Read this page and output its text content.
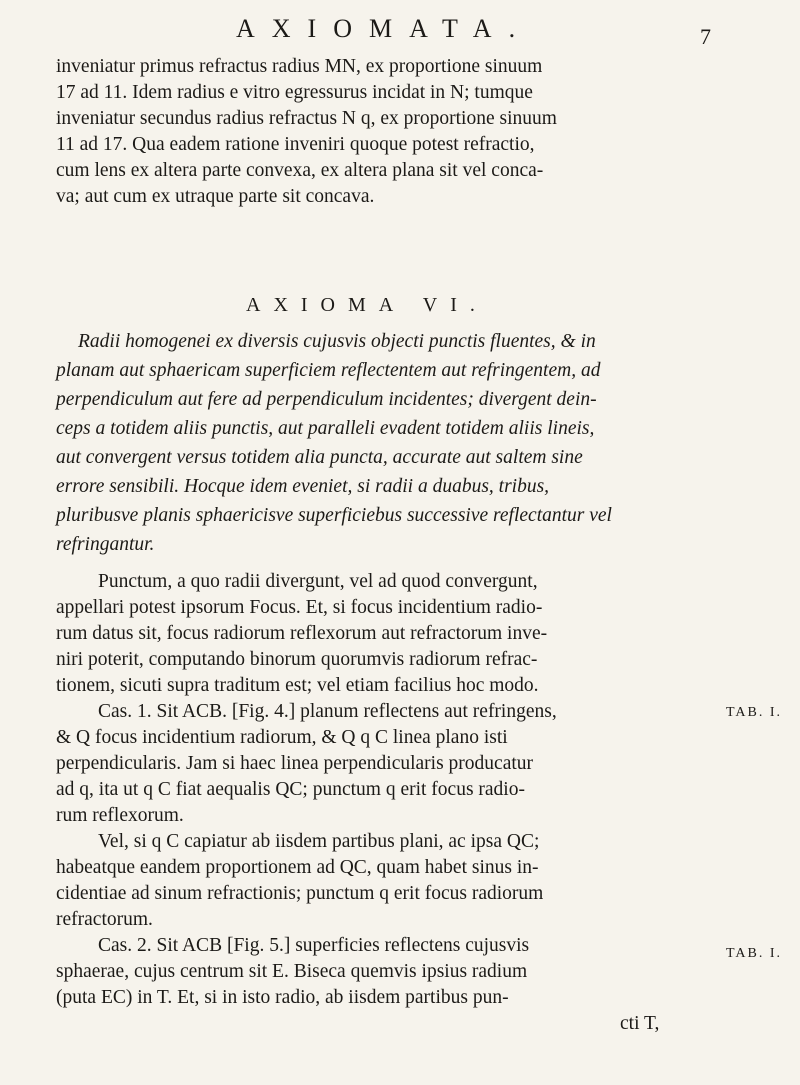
AXIOMATA.	7
inveniatur primus refractus radius MN, ex proportione sinuum
17 ad 11. Idem radius e vitro egressurus incidat in N; tumque
inveniatur secundus radius refractus N q, ex proportione sinuum
11 ad 17. Qua eadem ratione inveniri quoque potest refractio,
cum lens ex altera parte convexa, ex altera plana sit vel conca-
va; aut cum ex utraque parte sit concava.
AXIOMA VI.
Radii homogenei ex diversis cujusvis objecti punctis fluentes, & in
planam aut sphaericam superficiem reflectentem aut refringentem, ad
perpendiculum aut fere ad perpendiculum incidentes; divergent dein-
ceps a totidem aliis punctis, aut paralleli evadent totidem aliis lineis,
aut convergent versus totidem alia puncta, accurate aut saltem sine
errore sensibili. Hocque idem eveniet, si radii a duabus, tribus,
pluribusve planis sphaericisve superficiebus successive reflectantur vel
refringantur.
Punctum, a quo radii divergunt, vel ad quod convergunt,
appellari potest ipsorum Focus. Et, si focus incidentium radio-
rum datus sit, focus radiorum reflexorum aut refractorum inve-
niri poterit, computando binorum quorumvis radiorum refrac-
tionem, sicuti supra traditum est; vel etiam facilius hoc modo.
Cas. 1. Sit ACB. [Fig. 4.] planum reflectens aut refringens,
& Q focus incidentium radiorum, & Q q C linea plano isti
perpendicularis. Jam si haec linea perpendicularis producatur
ad q, ita ut q C fiat aequalis QC; punctum q erit focus radio-
rum reflexorum.
Vel, si q C capiatur ab iisdem partibus plani, ac ipsa QC;
habeatque eandem proportionem ad QC, quam habet sinus in-
cidentiae ad sinum refractionis; punctum q erit focus radiorum
refractorum.
Cas. 2. Sit ACB [Fig. 5.] superficies reflectens cujusvis
sphaerae, cujus centrum sit E. Biseca quemvis ipsius radium
(puta EC) in T. Et, si in isto radio, ab iisdem partibus pun-
cti T,
TAB. I.
TAB. I.
